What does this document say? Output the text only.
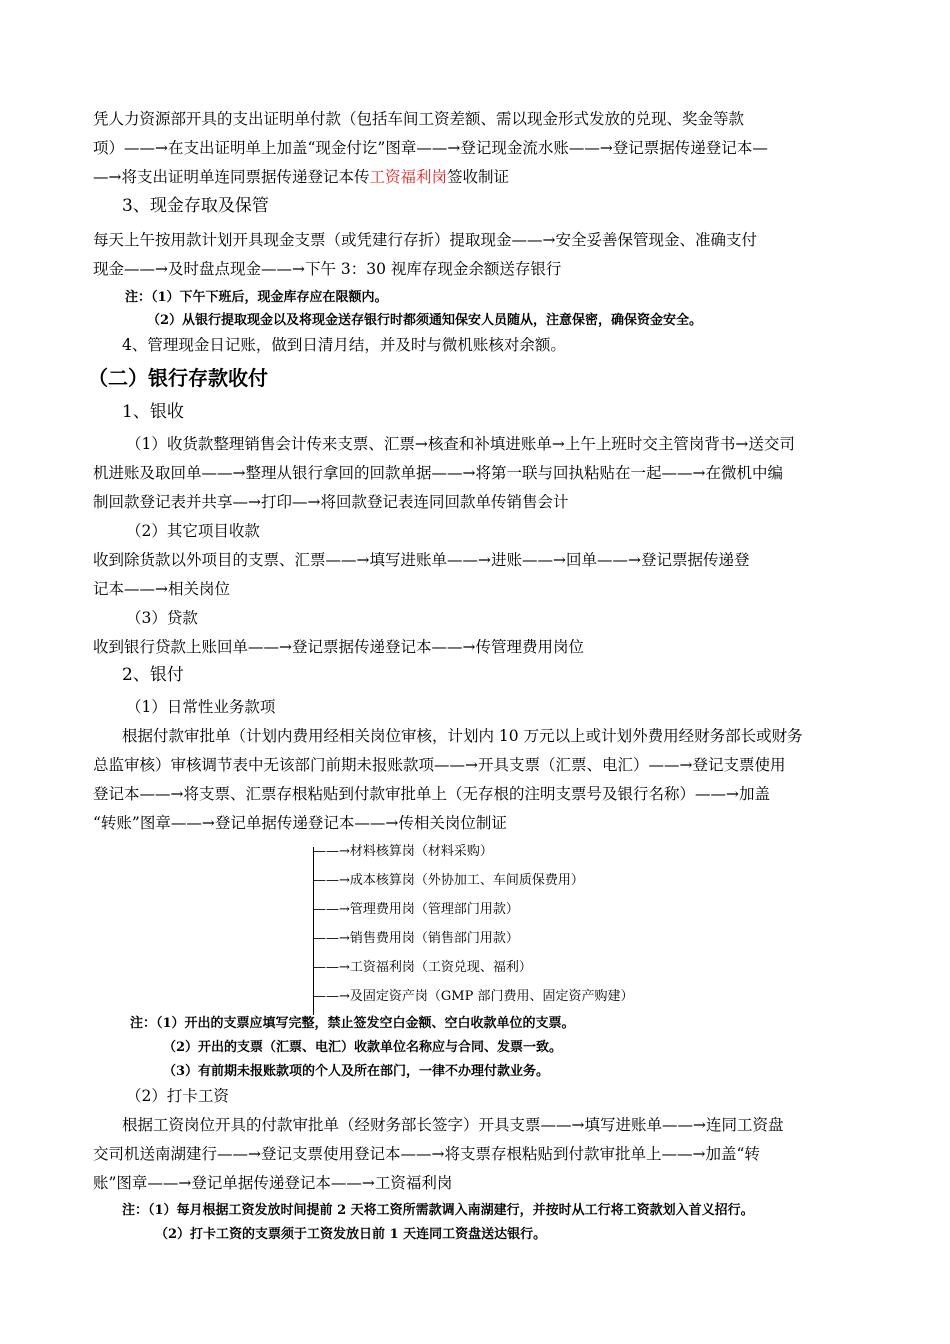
凭人力资源部开具的支出证明单付款（包括车间工资差额、需以现金形式发放的兑现、奖金等款
项）——→在支出证明单上加盖“现金付讫”图章——→登记现金流水账——→登记票据传递登记本—
—→将支出证明单连同票据传递登记本传工资福利岗签收制证
3、现金存取及保管
每天上午按用款计划开具现金支票（或凭建行存折）提取现金——→安全妥善保管现金、准确支付
现金——→及时盘点现金——→下午 3：30 视库存现金余额送存银行
注：（1）下午下班后，现金库存应在限额内。
（2）从银行提取现金以及将现金送存银行时都须通知保安人员随从，注意保密，确保资金安全。
4、管理现金日记账，做到日清月结，并及时与微机账核对余额。
（二）银行存款收付
1、银收
（1）收货款整理销售会计传来支票、汇票→核查和补填进账单→上午上班时交主管岗背书→送交司
机进账及取回单——→整理从银行拿回的回款单据——→将第一联与回执粘贴在一起——→在微机中编
制回款登记表并共享—→打印—→将回款登记表连同回款单传销售会计
（2）其它项目收款
收到除货款以外项目的支票、汇票——→填写进账单——→进账——→回单——→登记票据传递登
记本——→相关岗位
（3）贷款
收到银行贷款上账回单——→登记票据传递登记本——→传管理费用岗位
2、银付
（1）日常性业务款项
根据付款审批单（计划内费用经相关岗位审核，计划内 10 万元以上或计划外费用经财务部长或财务
总监审核）审核调节表中无该部门前期未报账款项——→开具支票（汇票、电汇）——→登记支票使用
登记本——→将支票、汇票存根粘贴到付款审批单上（无存根的注明支票号及银行名称）——→加盖
“转账”图章——→登记单据传递登记本——→传相关岗位制证
——→材料核算岗（材料采购）
——→成本核算岗（外协加工、车间质保费用）
——→管理费用岗（管理部门用款）
——→销售费用岗（销售部门用款）
——→工资福利岗（工资兑现、福利）
——→及固定资产岗（GMP 部门费用、固定资产购建）
注：（1）开出的支票应填写完整，禁止签发空白金额、空白收款单位的支票。
（2）开出的支票（汇票、电汇）收款单位名称应与合同、发票一致。
（3）有前期未报账款项的个人及所在部门，一律不办理付款业务。
（2）打卡工资
根据工资岗位开具的付款审批单（经财务部长签字）开具支票——→填写进账单——→连同工资盘
交司机送南湖建行——→登记支票使用登记本——→将支票存根粘贴到付款审批单上——→加盖“转
账”图章——→登记单据传递登记本——→工资福利岗
注：（1）每月根据工资发放时间提前 2 天将工资所需款调入南湖建行，并按时从工行将工资款划入首义招行。
（2）打卡工资的支票须于工资发放日前 1 天连同工资盘送达银行。
